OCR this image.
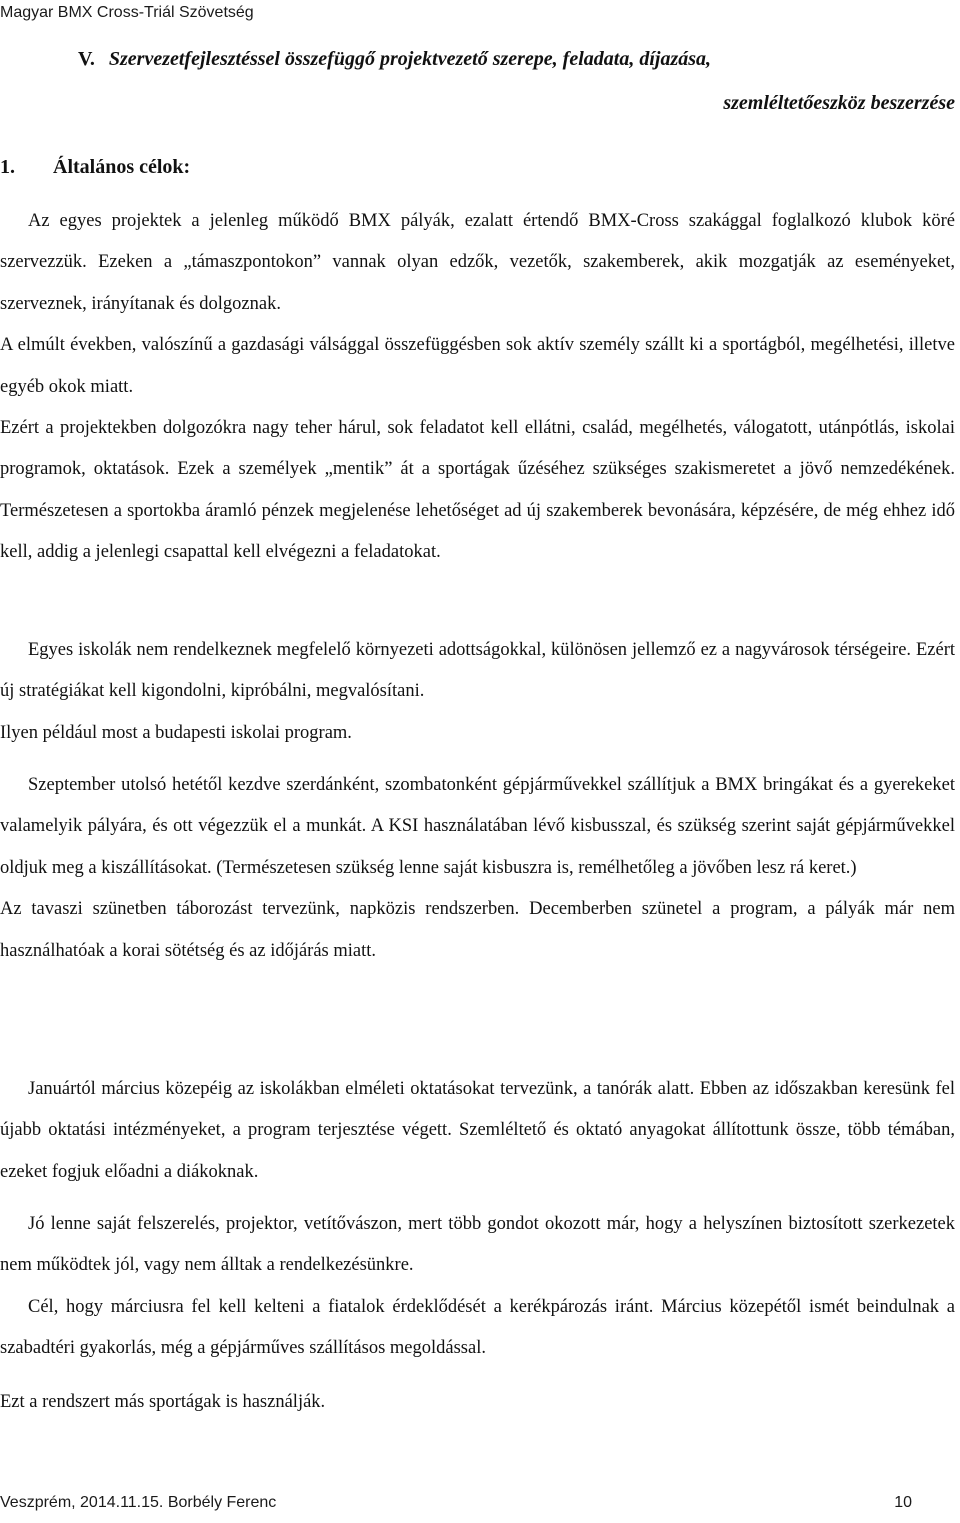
Magyar BMX Cross-Triál Szövetség
V. Szervezetfejlesztéssel összefüggő projektvezető szerepe, feladata, díjazása,
szemléltetőeszköz beszerzése
1. Általános célok:

Az egyes projektek a jelenleg működő BMX pályák, ezalatt értendő BMX-Cross szakággal foglalkozó klubok köré szervezzük. Ezeken a „támaszpontokon” vannak olyan edzők, vezetők, szakemberek, akik mozgatják az eseményeket, szerveznek, irányítanak és dolgoznak.

A elmúlt években, valószínű a gazdasági válsággal összefüggésben sok aktív személy szállt ki a sportágból, megélhetési, illetve egyéb okok miatt.

Ezért a projektekben dolgozókra nagy teher hárul, sok feladatot kell ellátni, család, megélhetés, válogatott, utánpótlás, iskolai programok, oktatások. Ezek a személyek „mentik” át a sportágak űzéséhez szükséges szakismeretet a jövő nemzedékének. Természetesen a sportokba áramló pénzek megjelenése lehetőséget ad új szakemberek bevonására, képzésére, de még ehhez idő kell, addig a jelenlegi csapattal kell elvégezni a feladatokat.

Egyes iskolák nem rendelkeznek megfelelő környezeti adottságokkal, különösen jellemző ez a nagyvárosok térségeire. Ezért új stratégiákat kell kigondolni, kipróbálni, megvalósítani.

Ilyen például most a budapesti iskolai program.

Szeptember utolsó hetétől kezdve szerdánként, szombatonként gépjárművekkel szállítjuk a BMX bringákat és a gyerekeket valamelyik pályára, és ott végezzük el a munkát. A KSI használatában lévő kisbusszal, és szükség szerint saját gépjárművekkel oldjuk meg a kiszállításokat. (Természetesen szükség lenne saját kisbuszra is, remélhetőleg a jövőben lesz rá keret.)

Az tavaszi szünetben táborozást tervezünk, napközis rendszerben. Decemberben szünetel a program, a pályák már nem használhatóak a korai sötétség és az időjárás miatt.

Januártól március közepéig az iskolákban elméleti oktatásokat tervezünk, a tanórák alatt. Ebben az időszakban keresünk fel újabb oktatási intézményeket, a program terjesztése végett. Szemléltető és oktató anyagokat állítottunk össze, több témában, ezeket fogjuk előadni a diákoknak.

Jó lenne saját felszerelés, projektor, vetítővászon, mert több gondot okozott már, hogy a helyszínen biztosított szerkezetek nem működtek jól, vagy nem álltak a rendelkezésünkre.

Cél, hogy márciusra fel kell kelteni a fiatalok érdeklődését a kerékpározás iránt. Március közepétől ismét beindulnak a szabadtéri gyakorlás, még a gépjárműves szállításos megoldással.

Ezt a rendszert más sportágak is használják.

Veszprém, 2014.11.15. Borbély Ferenc	10
